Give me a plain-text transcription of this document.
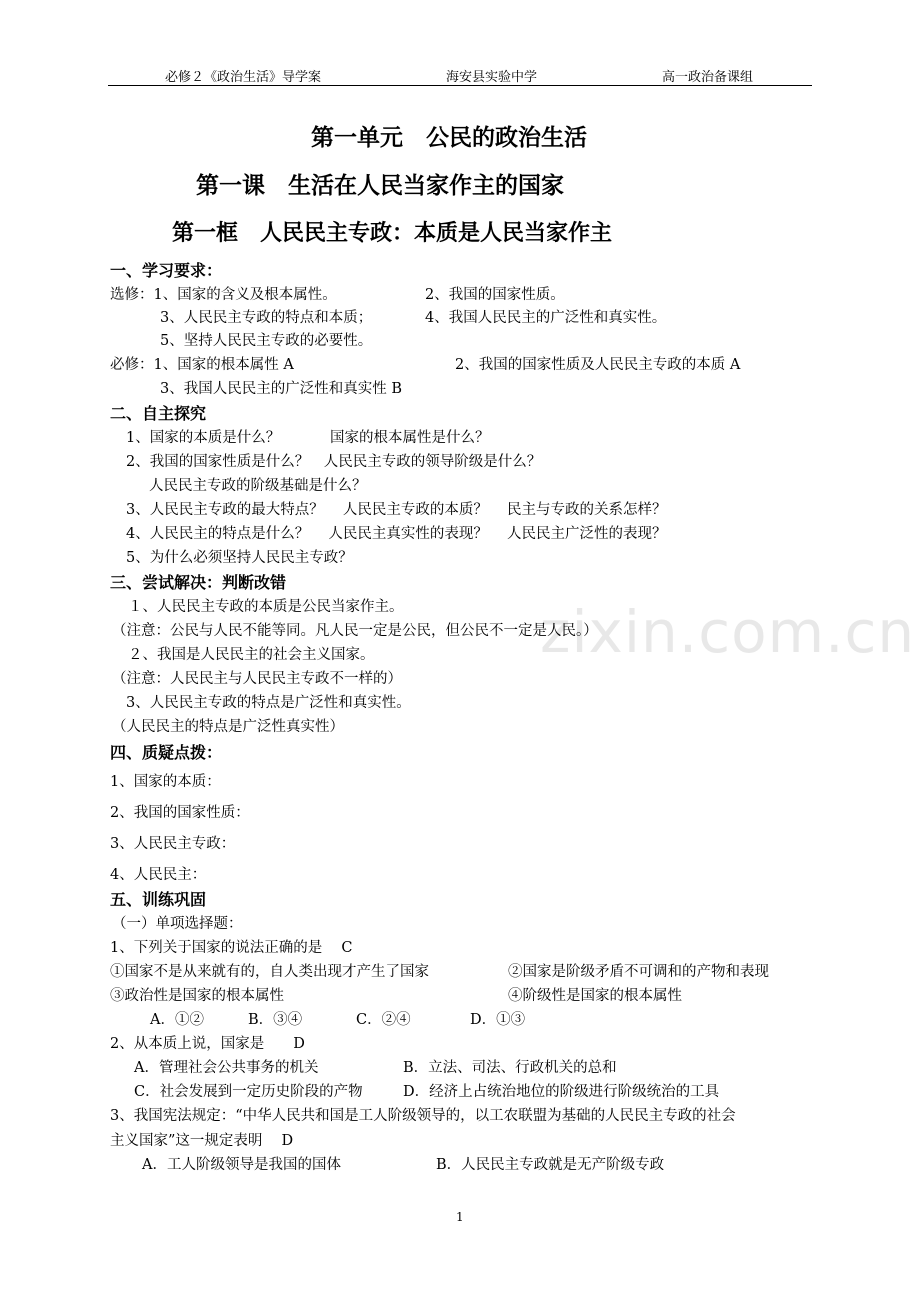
必修２《政治生活》导学案	海安县实验中学	高一政治备课组
zixin.com.cn
第一单元　公民的政治生活
第一课　生活在人民当家作主的国家
第一框　人民民主专政：本质是人民当家作主
一、学习要求：
选修：1、国家的含义及根本属性。	2、我国的国家性质。
3、人民民主专政的特点和本质；	4、我国人民民主的广泛性和真实性。
5、坚持人民民主专政的必要性。
必修：1、国家的根本属性 A	2、我国的国家性质及人民民主专政的本质 A
3、我国人民民主的广泛性和真实性 B
二、自主探究
1、国家的本质是什么？	国家的根本属性是什么？
2、我国的国家性质是什么？　人民民主专政的领导阶级是什么？
人民民主专政的阶级基础是什么？
3、人民民主专政的最大特点？　 人民民主专政的本质？　 民主与专政的关系怎样？
4、人民民主的特点是什么？　 人民民主真实性的表现？　 人民民主广泛性的表现？
5、为什么必须坚持人民民主专政？
三、尝试解决：判断改错
１、人民民主专政的本质是公民当家作主。
（注意：公民与人民不能等同。凡人民一定是公民，但公民不一定是人民。）
２、我国是人民民主的社会主义国家。
（注意：人民民主与人民民主专政不一样的）
3、人民民主专政的特点是广泛性和真实性。
（人民民主的特点是广泛性真实性）
四、质疑点拨：
1、国家的本质：
2、我国的国家性质：
3、人民民主专政：
4、人民民主：
五、训练巩固
（一）单项选择题：
1、下列关于国家的说法正确的是　 C
①国家不是从来就有的，自人类出现才产生了国家	②国家是阶级矛盾不可调和的产物和表现
③政治性是国家的根本属性	④阶级性是国家的根本属性
A．①②	B．③④	C．②④	D．①③
2、从本质上说，国家是　　D
A．管理社会公共事务的机关	B．立法、司法、行政机关的总和
C．社会发展到一定历史阶段的产物	D．经济上占统治地位的阶级进行阶级统治的工具
3、我国宪法规定：“中华人民共和国是工人阶级领导的，以工农联盟为基础的人民民主专政的社会
主义国家”这一规定表明　 D
A．工人阶级领导是我国的国体	B．人民民主专政就是无产阶级专政
1
